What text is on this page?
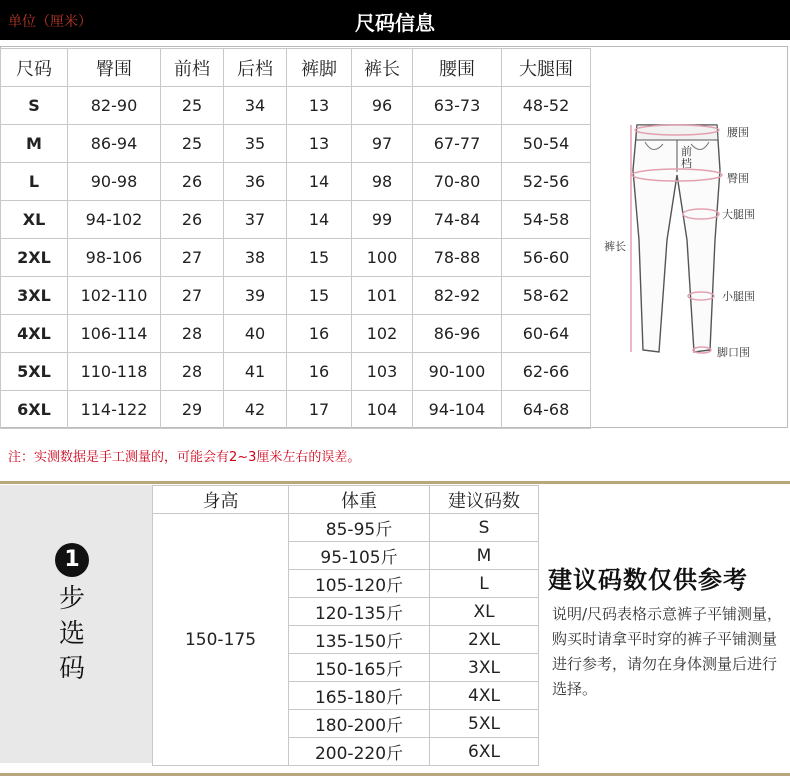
单位（厘米）	尺码信息
尺码	臀围	前档	后档	裤脚	裤长	腰围	大腿围
S	82-90	25	34	13	96	63-73	48-52
M	86-94	25	35	13	97	67-77	50-54
L	90-98	26	36	14	98	70-80	52-56
XL	94-102	26	37	14	99	74-84	54-58
2XL	98-106	27	38	15	100	78-88	56-60
3XL	102-110	27	39	15	101	82-92	58-62
4XL	106-114	28	40	16	102	86-96	60-64
5XL	110-118	28	41	16	103	90-100	62-66
6XL	114-122	29	42	17	104	94-104	64-68
腰围
臀围
前档
大腿围
裤长
小腿围
脚口围
注：实测数据是手工测量的，可能会有2~3厘米左右的误差。
1
步选码
身高	体重	建议码数
150-175	85-95斤	S
	95-105斤	M
	105-120斤	L
	120-135斤	XL
	135-150斤	2XL
	150-165斤	3XL
	165-180斤	4XL
	180-200斤	5XL
	200-220斤	6XL
建议码数仅供参考
说明/尺码表格示意裤子平铺测量，购买时请拿平时穿的裤子平铺测量进行参考，请勿在身体测量后进行选择。
